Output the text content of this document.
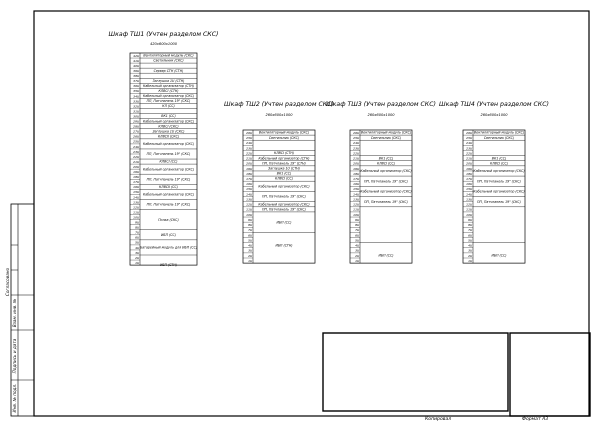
Согласовано
Взам. инв. №
Подпись и дата
Инв. № подл.
Шкаф ТШ1 (Учтен разделом СКС)
420x600x1000
42U
41U
40U
39U
38U
37U
36U
35U
34U
33U
32U
31U
30U
29U
28U
27U
26U
25U
24U
23U
22U
21U
20U
19U
18U
17U
16U
15U
14U
13U
12U
11U
10U
9U
8U
7U
6U
5U
4U
3U
2U
1U
Вентиляторный модуль (СКС)
Светильник (СКС)
Сервер СТН (СТН)
Заглушка 1U (СТН)
Кабельный организатор (СТН)
КЛВСI (СТН)
Кабельный организатор (СКС)
ПП, Патчпанель 19" (СКС)
КЛ (СС)
ВК1 (СС)
Кабельный организатор (СКС)
КЛВСI (СКС)
Заглушка 1U (СКС)
КЛВСII (СКС)
Кабельный организатор (СКС)
ПП, Патчпанель 19" (СКС)
КЛВСI (СС)
Кабельный организатор (СКС)
ПП, Патчпанель 19" (СКС)
КЛВСII (СС)
Кабельный организатор (СКС)
ПП, Патчпанель 19" (СКС)
Полка (СКС)
ИБП (СС)
Батарейный модуль для ИБП (СС)
ИБП (СТН)
Шкаф ТШ2 (Учтен разделом СКС)
260x600x1000
26U
25U
24U
23U
22U
21U
20U
19U
18U
17U
16U
15U
14U
13U
12U
11U
10U
9U
8U
7U
6U
5U
4U
3U
2U
1U
Вентиляторный модуль (СКС)
Светильник (СКС)
КЛВСI (СТН)
Кабельный организатор (СТН)
ПП, Патчпанель 19" (СТН)
Заглушка 1U (СТН)
ВК1 (СС)
КЛВСI (СС)
Кабельный организатор (СКС)
ПП, Патчпанель 19" (СКС)
Кабельный организатор (СКС)
ПП, Патчпанель 19" (СКС)
ИБП (СС)
ИБП (СТН)
Шкаф ТШ3 (Учтен разделом СКС)
260x600x1000
26U
25U
24U
23U
22U
21U
20U
19U
18U
17U
16U
15U
14U
13U
12U
11U
10U
9U
8U
7U
6U
5U
4U
3U
2U
1U
Вентиляторный модуль (СКС)
Светильник (СКС)
ВК1 (СС)
КЛВСI (СС)
Кабельный организатор (СКС)
ПП, Патчпанель 19" (СКС)
Кабельный организатор (СКС)
ПП, Патчпанель 19" (СКС)
ИБП (СС)
Шкаф ТШ4 (Учтен разделом СКС)
260x600x1000
26U
25U
24U
23U
22U
21U
20U
19U
18U
17U
16U
15U
14U
13U
12U
11U
10U
9U
8U
7U
6U
5U
4U
3U
2U
1U
Вентиляторный модуль (СКС)
Светильник (СКС)
ВК1 (СС)
КЛВСI (СС)
Кабельный организатор (СКС)
ПП, Патчпанель 19" (СКС)
Кабельный организатор (СКС)
ПП, Патчпанель 19" (СКС)
ИБП (СС)
Копировал	Формат А3
